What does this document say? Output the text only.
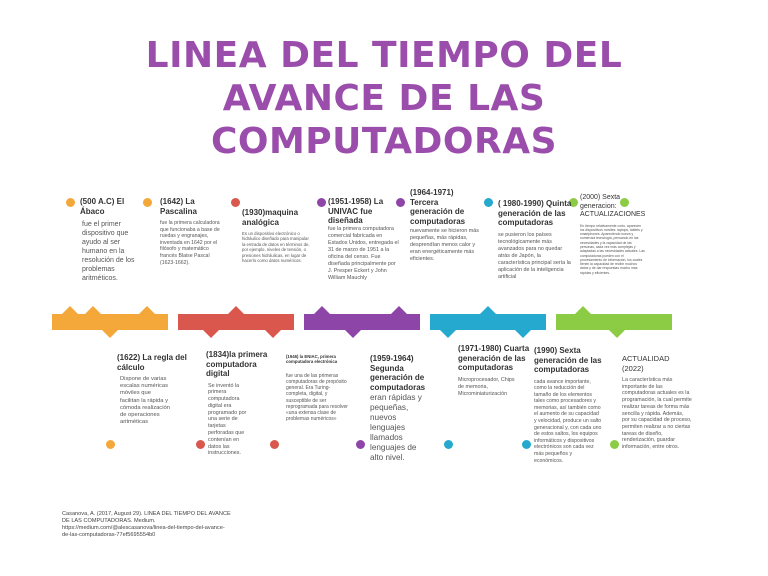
LINEA DEL TIEMPO DEL
AVANCE DE LAS
COMPUTADORAS
(500 A.C) El Ábaco
fue el primer dispositivo que ayudo al ser humano en la resolución de los problemas aritméticos.
(1642) La Pascalina
fue la primera calculadora que funcionaba a base de ruedas y engranajes, inventada en 1642 por el filósofo y matemático francés Blaise Pascal (1623-1662).
(1930)maquina analógica
Es un dispositivo electrónico o hidráulico diseñado para manipular la entrada de datos en términos de, por ejemplo, niveles de tensión, o presiones hidráulicas, en lugar de hacerlo como datos numéricos.
(1951-1958) La UNIVAC fue diseñada
fue la primera computadora comercial fabricada en Estados Unidos, entregada el 31 de marzo de 1951 a la oficina del censo. Fue diseñada principalmente por J. Presper Eckert y John William Mauchly
(1964-1971) Tercera generación de computadoras
nuevamente se hicieron más pequeñas, más rápidas, desprendían menos calor y eran energéticamente más eficientes.
( 1980-1990) Quinta generación de las computadoras
se pusieron los países tecnológicamente más avanzados para no quedar atrás de Japón, la característica principal sería la aplicación de la inteligencia artificial
(2000) Sexta generacion: ACTUALIZACIONES
En tiempo relativamente corto, aparecen los dispositivos móviles: laptops, tablets y smartphones. Apareciendo nueva y numerosa tecnología, pensando en las necesidades y la capacidad de las personas, cada vez más complejas y adaptadas a las necesidades actuales. Las computadoras pueden con el procesamiento de información, los cuales tienen la capacidad de recibir muchos datos y de dar respuestas mucho más rápidas y eficientes.
(1622) La regla del cálculo
Dispone de varias escalas numéricas móviles que facilitan la rápida y cómoda realización de operaciones aritméticas
(1834)la primera computadora digital
Se inventó la primera computadora digital era programado por una serie de tarjetas perforadas que contenían en datos las instrucciones.
(1946) la ENIAC, primera computadora electrónica
fue una de las primeras computadoras de propósito general. Era Turing-completa, digital, y susceptible de ser reprogramada para resolver «una extensa clase de problemas numéricos»
(1959-1964) Segunda generación de computadoras
eran rápidas y pequeñas, nuevos lenguajes llamados lenguajes de alto nivel.
(1971-1980) Cuarta generación de las computadoras
Microprocesador, Chips de memoria, Microminiaturización
(1990) Sexta generación de las computadoras
cada avance importante, como la reducción del tamaño de los elementos tales como procesadores y memorias, así también como el aumento de su capacidad y velocidad, produce un salto generacional y, con cada uno de estos saltos, los equipos informáticos y dispositivos electrónicos son cada vez más pequeños y económicos.
ACTUALIDAD (2022)
La característica más importante de las computadoras actuales es la programación, la cual permite realizar tareas de forma más sencilla y rápida. Además, por su capacidad de proceso, permiten realizar a no ciertas tareas de diseño, renderización, guardar información, entre otros.
Casanova, A. (2017, August 29). LINEA DEL TIEMPO DEL AVANCE DE LAS COMPUTADORAS. Medium. https://medium.com/@alescasanova/linea-del-tiempo-del-avance-de-las-computadoras-77ef5695554b0
